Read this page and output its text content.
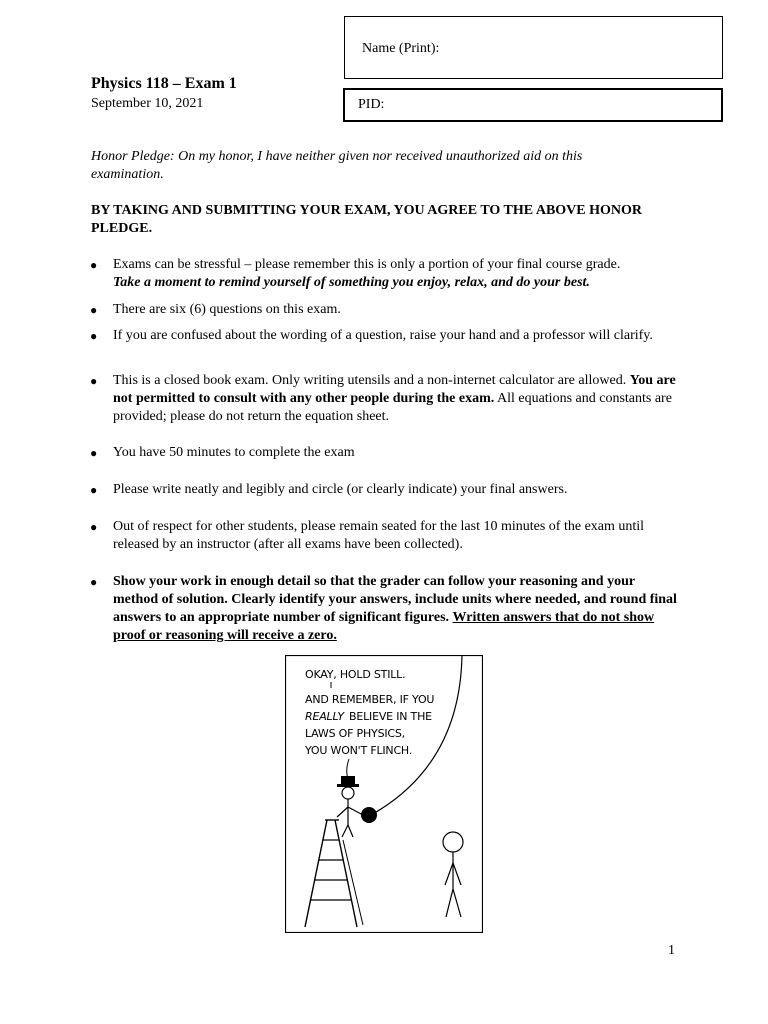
Name (Print):
PID:
Physics 118 – Exam 1
September 10, 2021
Honor Pledge: On my honor, I have neither given nor received unauthorized aid on this examination.
BY TAKING AND SUBMITTING YOUR EXAM, YOU AGREE TO THE ABOVE HONOR PLEDGE.
● Exams can be stressful – please remember this is only a portion of your final course grade.
Take a moment to remind yourself of something you enjoy, relax, and do your best.
● There are six (6) questions on this exam.
● If you are confused about the wording of a question, raise your hand and a professor will clarify.
● This is a closed book exam. Only writing utensils and a non-internet calculator are allowed. You are not permitted to consult with any other people during the exam. All equations and constants are provided; please do not return the equation sheet.
● You have 50 minutes to complete the exam
● Please write neatly and legibly and circle (or clearly indicate) your final answers.
● Out of respect for other students, please remain seated for the last 10 minutes of the exam until released by an instructor (after all exams have been collected).
● Show your work in enough detail so that the grader can follow your reasoning and your method of solution. Clearly identify your answers, include units where needed, and round final answers to an appropriate number of significant figures. Written answers that do not show proof or reasoning will receive a zero.
OKAY, HOLD STILL.
AND REMEMBER, IF YOU
REALLY BELIEVE IN THE
LAWS OF PHYSICS,
YOU WON'T FLINCH.
1
